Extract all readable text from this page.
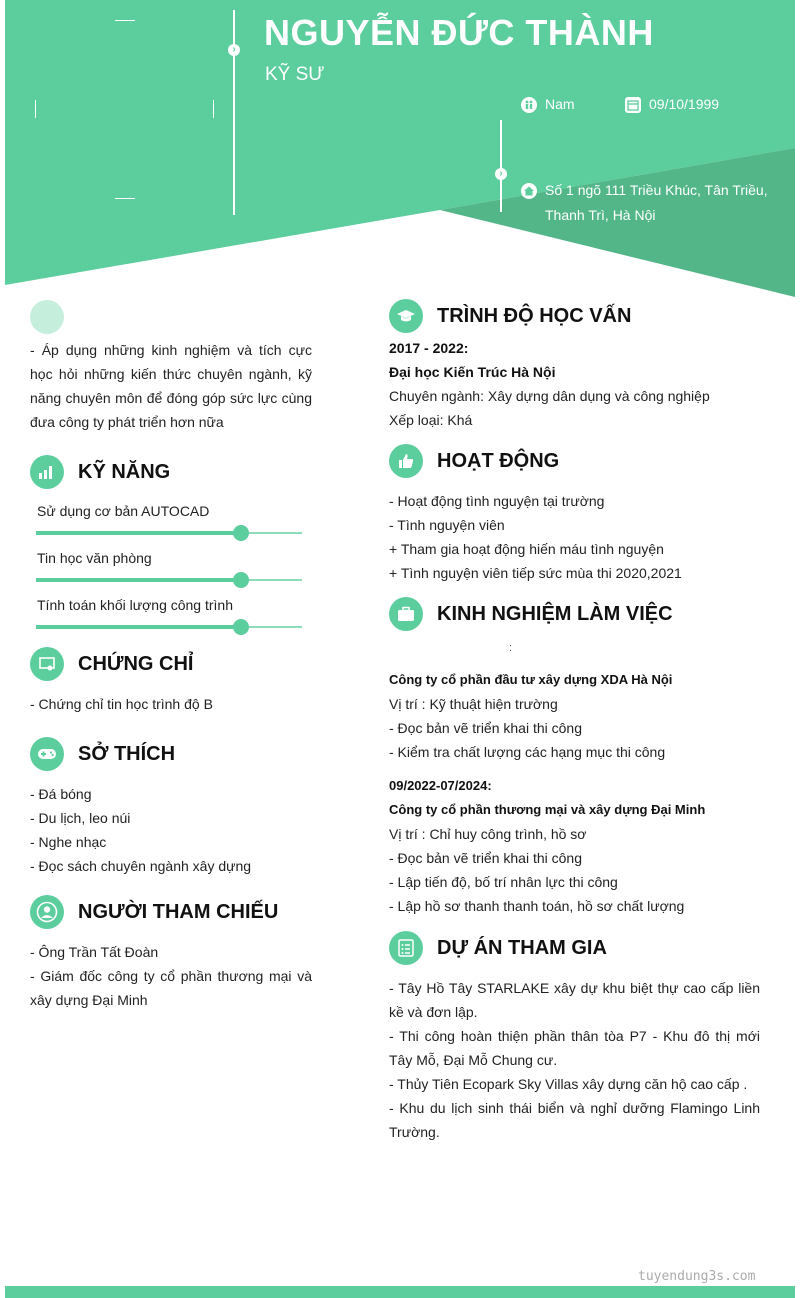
›
›
NGUYỄN ĐỨC THÀNH
KỸ SƯ
Nam	09/10/1999
Số 1 ngõ 111 Triều Khúc, Tân Triều,
Thanh Trì, Hà Nội
- Áp dụng những kinh nghiệm và tích cực học hỏi những kiến thức chuyên ngành, kỹ năng chuyên môn để đóng góp sức lực cùng đưa công ty phát triển hơn nữa
KỸ NĂNG
Sử dụng cơ bản AUTOCAD
Tin học văn phòng
Tính toán khối lượng công trình
CHỨNG CHỈ
- Chứng chỉ tin học trình độ B
SỞ THÍCH
- Đá bóng
- Du lịch, leo núi
- Nghe nhạc
- Đọc sách chuyên ngành xây dựng
NGƯỜI THAM CHIẾU
- Ông Trần Tất Đoàn
- Giám đốc công ty cổ phần thương mại và xây dựng Đại Minh
TRÌNH ĐỘ HỌC VẤN
2017 - 2022:
Đại học Kiến Trúc Hà Nội
Chuyên ngành: Xây dựng dân dụng và công nghiệp
Xếp loại: Khá
HOẠT ĐỘNG
- Hoạt động tình nguyện tại trường
- Tình nguyện viên
+ Tham gia hoạt động hiến máu tình nguyện
+ Tình nguyện viên tiếp sức mùa thi 2020,2021
KINH NGHIỆM LÀM VIỆC
:
Công ty cổ phần đầu tư xây dựng XDA Hà Nội
Vị trí : Kỹ thuật hiện trường
- Đọc bản vẽ triển khai thi công
- Kiểm tra chất lượng các hạng mục thi công
09/2022-07/2024:
Công ty cổ phần thương mại và xây dựng Đại Minh
Vị trí : Chỉ huy công trình, hồ sơ
- Đọc bản vẽ triển khai thi công
- Lập tiến độ, bố trí nhân lực thi công
- Lập hồ sơ thanh thanh toán, hồ sơ chất lượng
DỰ ÁN THAM GIA
- Tây Hồ Tây STARLAKE xây dự khu biệt thự cao cấp liền kề và đơn lập.
- Thi công hoàn thiện phần thân tòa P7 - Khu đô thị mới Tây Mỗ, Đại Mỗ Chung cư.
- Thủy Tiên Ecopark Sky Villas xây dựng căn hộ cao cấp .
- Khu du lịch sinh thái biển và nghỉ dưỡng Flamingo Linh Trường.
tuyendung3s.com
